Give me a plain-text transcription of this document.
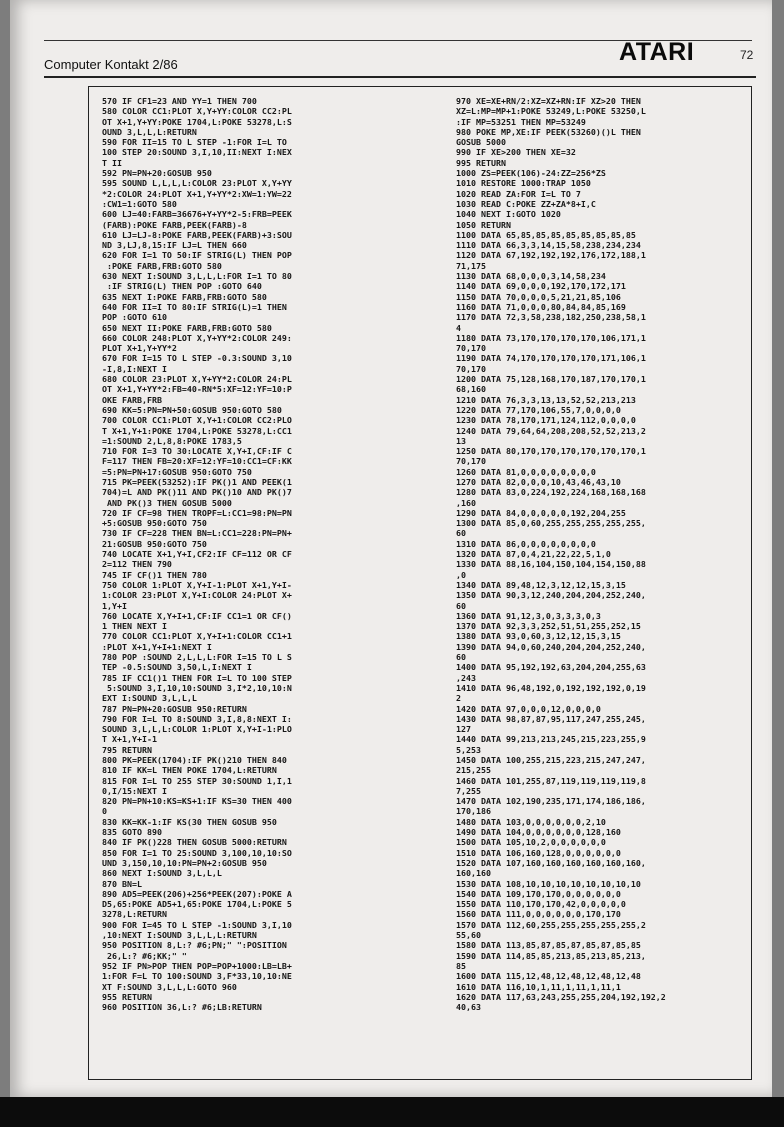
Computer Kontakt 2/86	ATARI	72
570 IF CF1=23 AND YY=1 THEN 700
580 COLOR CC1:PLOT X,Y+YY:COLOR CC2:PL
OT X+1,Y+YY:POKE 1704,L:POKE 53278,L:S
OUND 3,L,L,L:RETURN
590 FOR II=15 TO L STEP -1:FOR I=L TO
100 STEP 20:SOUND 3,I,10,II:NEXT I:NEX
T II
592 PN=PN+20:GOSUB 950
595 SOUND L,L,L,L:COLOR 23:PLOT X,Y+YY
*2:COLOR 24:PLOT X+1,Y+YY*2:XW=1:YW=22
:CW1=1:GOTO 580
600 LJ=40:FARB=36676+Y+YY*2-5:FRB=PEEK
(FARB):POKE FARB,PEEK(FARB)-8
610 LJ=LJ-8:POKE FARB,PEEK(FARB)+3:SOU
ND 3,LJ,8,15:IF LJ=L THEN 660
620 FOR I=1 TO 50:IF STRIG(L) THEN POP
:POKE FARB,FRB:GOTO 580
630 NEXT I:SOUND 3,L,L,L:FOR I=1 TO 80
:IF STRIG(L) THEN POP :GOTO 640
635 NEXT I:POKE FARB,FRB:GOTO 580
640 FOR II=I TO 80:IF STRIG(L)=1 THEN
POP :GOTO 610
650 NEXT II:POKE FARB,FRB:GOTO 580
660 COLOR 248:PLOT X,Y+YY*2:COLOR 249:
PLOT X+1,Y+YY*2
670 FOR I=15 TO L STEP -0.3:SOUND 3,10
-I,8,I:NEXT I
680 COLOR 23:PLOT X,Y+YY*2:COLOR 24:PL
OT X+1,Y+YY*2:FB=40-RN*5:XF=12:YF=10:P
OKE FARB,FRB
690 KK=5:PN=PN+50:GOSUB 950:GOTO 580
700 COLOR CC1:PLOT X,Y+1:COLOR CC2:PLO
T X+1,Y+1:POKE 1704,L:POKE 53278,L:CC1
=1:SOUND 2,L,8,8:POKE 1783,5
710 FOR I=3 TO 30:LOCATE X,Y+I,CF:IF C
F=117 THEN FB=20:XF=12:YF=10:CC1=CF:KK
=5:PN=PN+17:GOSUB 950:GOTO 750
715 PK=PEEK(53252):IF PK()1 AND PEEK(1
704)=L AND PK()11 AND PK()10 AND PK()7
AND PK()3 THEN GOSUB 5000
720 IF CF=98 THEN TROPF=L:CC1=98:PN=PN
+5:GOSUB 950:GOTO 750
730 IF CF=228 THEN BN=L:CC1=228:PN=PN+
21:GOSUB 950:GOTO 750
740 LOCATE X+1,Y+I,CF2:IF CF=112 OR CF
2=112 THEN 790
745 IF CF()1 THEN 780
750 COLOR 1:PLOT X,Y+I-1:PLOT X+1,Y+I-
1:COLOR 23:PLOT X,Y+I:COLOR 24:PLOT X+
1,Y+I
760 LOCATE X,Y+I+1,CF:IF CC1=1 OR CF()
1 THEN NEXT I
770 COLOR CC1:PLOT X,Y+I+1:COLOR CC1+1
:PLOT X+1,Y+I+1:NEXT I
780 POP :SOUND 2,L,L,L:FOR I=15 TO L S
TEP -0.5:SOUND 3,50,L,I:NEXT I
785 IF CC1()1 THEN FOR I=L TO 100 STEP
5:SOUND 3,I,10,10:SOUND 3,I*2,10,10:N
EXT I:SOUND 3,L,L,L
787 PN=PN+20:GOSUB 950:RETURN
790 FOR I=L TO 8:SOUND 3,I,8,8:NEXT I:
SOUND 3,L,L,L:COLOR 1:PLOT X,Y+I-1:PLO
T X+1,Y+I-1
795 RETURN
800 PK=PEEK(1704):IF PK()210 THEN 840
810 IF KK=L THEN POKE 1704,L:RETURN
815 FOR I=L TO 255 STEP 30:SOUND 1,I,1
0,I/15:NEXT I
820 PN=PN+10:KS=KS+1:IF KS=30 THEN 400
0
830 KK=KK-1:IF KS(30 THEN GOSUB 950
835 GOTO 890
840 IF PK()228 THEN GOSUB 5000:RETURN
850 FOR I=1 TO 25:SOUND 3,100,10,10:SO
UND 3,150,10,10:PN=PN+2:GOSUB 950
860 NEXT I:SOUND 3,L,L,L
870 BN=L
890 AD5=PEEK(206)+256*PEEK(207):POKE A
D5,65:POKE AD5+1,65:POKE 1704,L:POKE 5
3278,L:RETURN
900 FOR I=45 TO L STEP -1:SOUND 3,I,10
,10:NEXT I:SOUND 3,L,L,L:RETURN
950 POSITION 8,L:? #6;PN;" ":POSITION
26,L:? #6;KK;" "
952 IF PN>POP THEN POP=POP+1000:LB=LB+
1:FOR F=L TO 100:SOUND 3,F*33,10,10:NE
XT F:SOUND 3,L,L,L:GOTO 960
955 RETURN
960 POSITION 36,L:? #6;LB:RETURN
970 XE=XE+RN/2:XZ=XZ+RN:IF XZ>20 THEN
XZ=L:MP=MP+1:POKE 53249,L:POKE 53250,L
:IF MP=53251 THEN MP=53249
980 POKE MP,XE:IF PEEK(53260)()L THEN
GOSUB 5000
990 IF XE>200 THEN XE=32
995 RETURN
1000 ZS=PEEK(106)-24:ZZ=256*ZS
1010 RESTORE 1000:TRAP 1050
1020 READ ZA:FOR I=L TO 7
1030 READ C:POKE ZZ+ZA*8+I,C
1040 NEXT I:GOTO 1020
1050 RETURN
1100 DATA 65,85,85,85,85,85,85,85,85
1110 DATA 66,3,3,14,15,58,238,234,234
1120 DATA 67,192,192,192,176,172,188,1
71,175
1130 DATA 68,0,0,0,3,14,58,234
1140 DATA 69,0,0,0,192,170,172,171
1150 DATA 70,0,0,0,5,21,21,85,106
1160 DATA 71,0,0,0,80,84,84,85,169
1170 DATA 72,3,58,238,182,250,238,58,1
4
1180 DATA 73,170,170,170,170,106,171,1
70,170
1190 DATA 74,170,170,170,170,171,106,1
70,170
1200 DATA 75,128,168,170,187,170,170,1
68,160
1210 DATA 76,3,3,13,13,52,52,213,213
1220 DATA 77,170,106,55,7,0,0,0,0
1230 DATA 78,170,171,124,112,0,0,0,0
1240 DATA 79,64,64,208,208,52,52,213,2
13
1250 DATA 80,170,170,170,170,170,170,1
70,170
1260 DATA 81,0,0,0,0,0,0,0,0
1270 DATA 82,0,0,0,10,43,46,43,10
1280 DATA 83,0,224,192,224,168,168,168
,160
1290 DATA 84,0,0,0,0,0,192,204,255
1300 DATA 85,0,60,255,255,255,255,255,
60
1310 DATA 86,0,0,0,0,0,0,0,0
1320 DATA 87,0,4,21,22,22,5,1,0
1330 DATA 88,16,104,150,104,154,150,88
,0
1340 DATA 89,48,12,3,12,12,15,3,15
1350 DATA 90,3,12,240,204,204,252,240,
60
1360 DATA 91,12,3,0,3,3,3,0,3
1370 DATA 92,3,3,252,51,51,255,252,15
1380 DATA 93,0,60,3,12,12,15,3,15
1390 DATA 94,0,60,240,204,204,252,240,
60
1400 DATA 95,192,192,63,204,204,255,63
,243
1410 DATA 96,48,192,0,192,192,192,0,19
2
1420 DATA 97,0,0,0,12,0,0,0,0
1430 DATA 98,87,87,95,117,247,255,245,
127
1440 DATA 99,213,213,245,215,223,255,9
5,253
1450 DATA 100,255,215,223,215,247,247,
215,255
1460 DATA 101,255,87,119,119,119,119,8
7,255
1470 DATA 102,190,235,171,174,186,186,
170,186
1480 DATA 103,0,0,0,0,0,0,2,10
1490 DATA 104,0,0,0,0,0,0,128,160
1500 DATA 105,10,2,0,0,0,0,0,0
1510 DATA 106,160,128,0,0,0,0,0,0
1520 DATA 107,160,160,160,160,160,160,
160,160
1530 DATA 108,10,10,10,10,10,10,10,10
1540 DATA 109,170,170,0,0,0,0,0,0
1550 DATA 110,170,170,42,0,0,0,0,0
1560 DATA 111,0,0,0,0,0,0,170,170
1570 DATA 112,60,255,255,255,255,255,2
55,60
1580 DATA 113,85,87,85,87,85,87,85,85
1590 DATA 114,85,85,213,85,213,85,213,
85
1600 DATA 115,12,48,12,48,12,48,12,48
1610 DATA 116,10,1,11,1,11,1,11,1
1620 DATA 117,63,243,255,255,204,192,192,2
40,63
